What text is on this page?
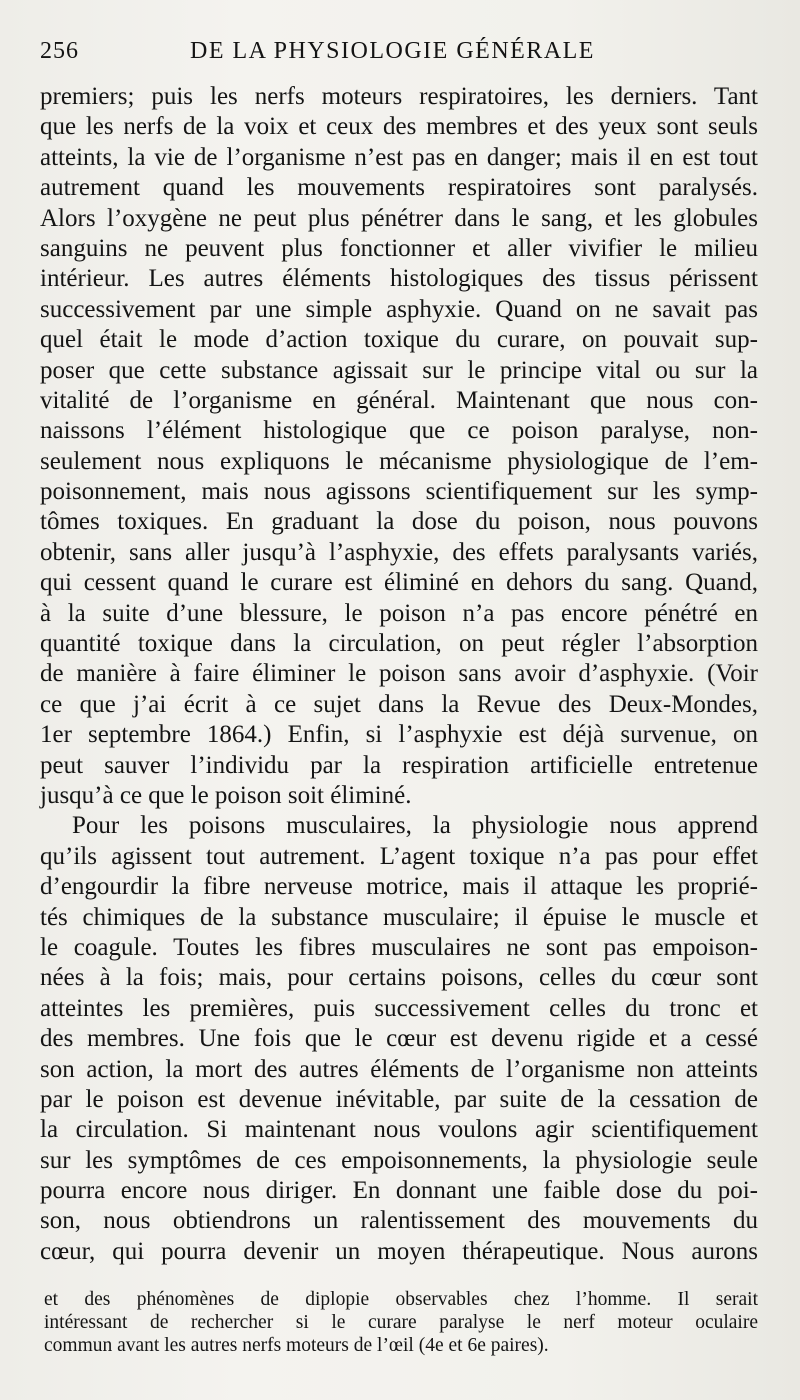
256	DE LA PHYSIOLOGIE GÉNÉRALE
premiers; puis les nerfs moteurs respiratoires, les derniers. Tant
que les nerfs de la voix et ceux des membres et des yeux sont seuls
atteints, la vie de l’organisme n’est pas en danger; mais il en est tout
autrement quand les mouvements respiratoires sont paralysés.
Alors l’oxygène ne peut plus pénétrer dans le sang, et les globules
sanguins ne peuvent plus fonctionner et aller vivifier le milieu
intérieur. Les autres éléments histologiques des tissus périssent
successivement par une simple asphyxie. Quand on ne savait pas
quel était le mode d’action toxique du curare, on pouvait sup-
poser que cette substance agissait sur le principe vital ou sur la
vitalité de l’organisme en général. Maintenant que nous con-
naissons l’élément histologique que ce poison paralyse, non-
seulement nous expliquons le mécanisme physiologique de l’em-
poisonnement, mais nous agissons scientifiquement sur les symp-
tômes toxiques. En graduant la dose du poison, nous pouvons
obtenir, sans aller jusqu’à l’asphyxie, des effets paralysants variés,
qui cessent quand le curare est éliminé en dehors du sang. Quand,
à la suite d’une blessure, le poison n’a pas encore pénétré en
quantité toxique dans la circulation, on peut régler l’absorption
de manière à faire éliminer le poison sans avoir d’asphyxie. (Voir
ce que j’ai écrit à ce sujet dans la Revue des Deux-Mondes,
1er septembre 1864.) Enfin, si l’asphyxie est déjà survenue, on
peut sauver l’individu par la respiration artificielle entretenue
jusqu’à ce que le poison soit éliminé.
Pour les poisons musculaires, la physiologie nous apprend
qu’ils agissent tout autrement. L’agent toxique n’a pas pour effet
d’engourdir la fibre nerveuse motrice, mais il attaque les proprié-
tés chimiques de la substance musculaire; il épuise le muscle et
le coagule. Toutes les fibres musculaires ne sont pas empoison-
nées à la fois; mais, pour certains poisons, celles du cœur sont
atteintes les premières, puis successivement celles du tronc et
des membres. Une fois que le cœur est devenu rigide et a cessé
son action, la mort des autres éléments de l’organisme non atteints
par le poison est devenue inévitable, par suite de la cessation de
la circulation. Si maintenant nous voulons agir scientifiquement
sur les symptômes de ces empoisonnements, la physiologie seule
pourra encore nous diriger. En donnant une faible dose du poi-
son, nous obtiendrons un ralentissement des mouvements du
cœur, qui pourra devenir un moyen thérapeutique. Nous aurons
et des phénomènes de diplopie observables chez l’homme. Il serait
intéressant de rechercher si le curare paralyse le nerf moteur oculaire
commun avant les autres nerfs moteurs de l’œil (4e et 6e paires).
